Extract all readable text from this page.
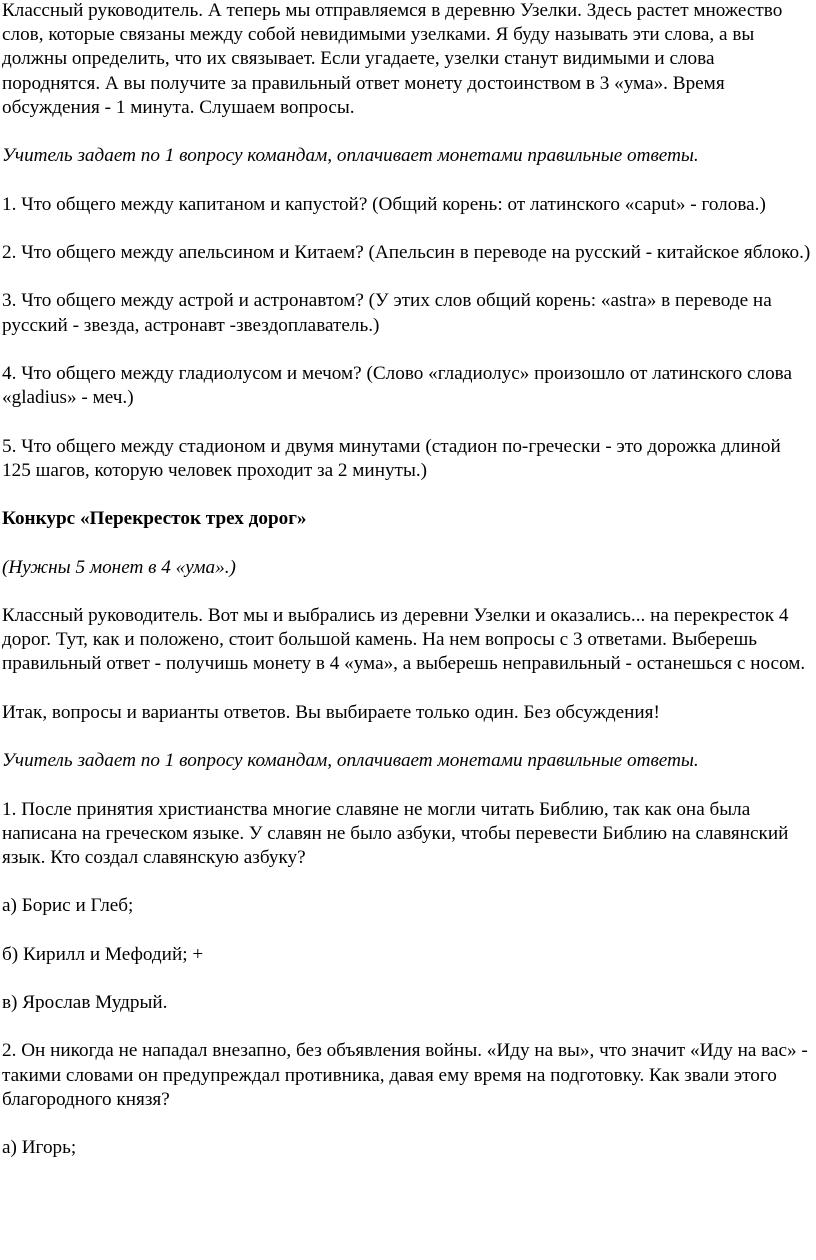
Классный руководитель. А теперь мы отправляемся в деревню Узелки. Здесь растет множество слов, которые связаны между собой невидимыми узелками. Я буду называть эти слова, а вы должны определить, что их связывает. Если угадаете, узелки станут видимыми и слова породнятся. А вы получите за правильный ответ монету достоинством в 3 «ума». Время обсуждения - 1 минута. Слушаем вопросы.

Учитель задает по 1 вопросу командам, оплачивает монетами правильные ответы.

1. Что общего между капитаном и капустой? (Общий корень: от латинского «caput» - голова.)

2. Что общего между апельсином и Китаем? (Апельсин в переводе на русский - китайское яблоко.)

3. Что общего между астрой и астронавтом? (У этих слов общий корень: «astra» в переводе на русский - звезда, астронавт -звездоплаватель.)

4. Что общего между гладиолусом и мечом? (Слово «гладиолус» произошло от латинского слова «gladius» - меч.)

5. Что общего между стадионом и двумя минутами (стадион по-гречески - это дорожка длиной 125 шагов, которую человек проходит за 2 минуты.)

Конкурс «Перекресток трех дорог»

(Нужны 5 монет в 4 «ума».)

Классный руководитель. Вот мы и выбрались из деревни Узелки и оказались... на перекресток 4 дорог. Тут, как и положено, стоит большой камень. На нем вопросы с 3 ответами. Выберешь правильный ответ - получишь монету в 4 «ума», а выберешь неправильный - останешься с носом.

Итак, вопросы и варианты ответов. Вы выбираете только один. Без обсуждения!

Учитель задает по 1 вопросу командам, оплачивает монетами правильные ответы.

1. После принятия христианства многие славяне не могли читать Библию, так как она была написана на греческом языке. У славян не было азбуки, чтобы перевести Библию на славянский язык. Кто создал славянскую азбуку?

а) Борис и Глеб;

б) Кирилл и Мефодий; +

в) Ярослав Мудрый.

2. Он никогда не нападал внезапно, без объявления войны. «Иду на вы», что значит «Иду на вас» - такими словами он предупреждал противника, давая ему время на подготовку. Как звали этого благородного князя?

а) Игорь;
